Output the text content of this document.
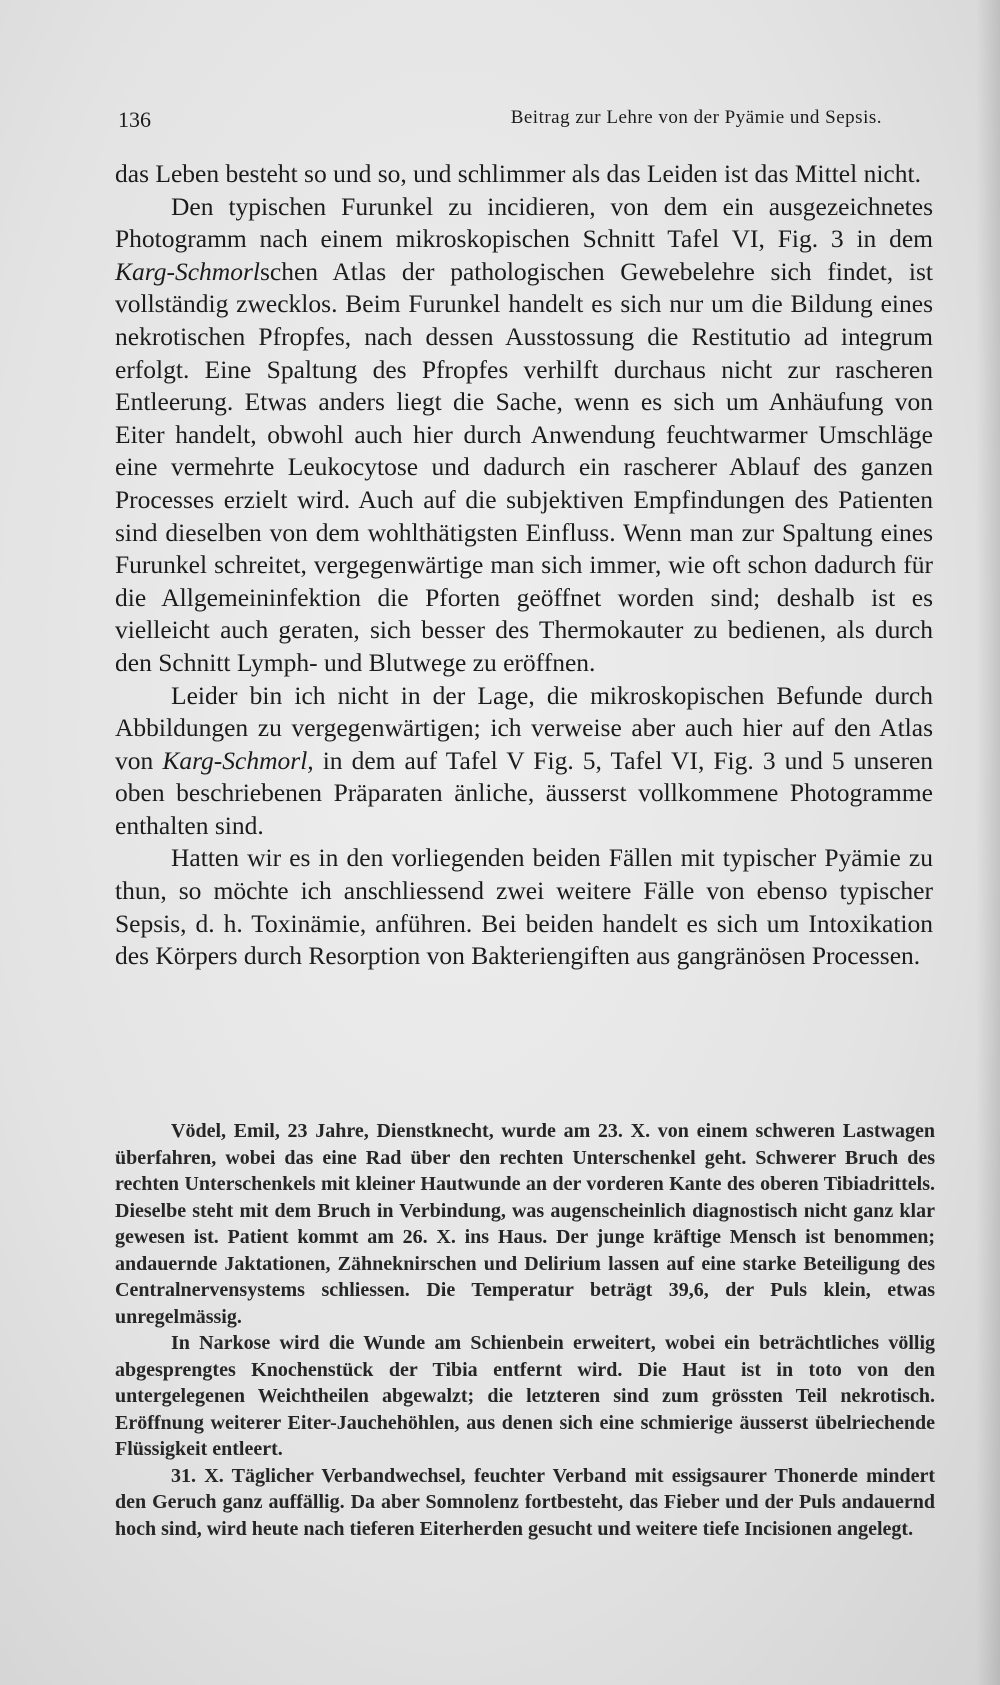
136	Beitrag zur Lehre von der Pyämie und Sepsis.

das Leben besteht so und so, und schlimmer als das Leiden ist das Mittel nicht.

Den typischen Furunkel zu incidieren, von dem ein ausgezeichnetes Photogramm nach einem mikroskopischen Schnitt Tafel VI, Fig. 3 in dem Karg-Schmorlschen Atlas der pathologischen Gewebelehre sich findet, ist vollständig zwecklos. Beim Furunkel handelt es sich nur um die Bildung eines nekrotischen Pfropfes, nach dessen Ausstossung die Restitutio ad integrum erfolgt. Eine Spaltung des Pfropfes verhilft durchaus nicht zur rascheren Entleerung. Etwas anders liegt die Sache, wenn es sich um Anhäufung von Eiter handelt, obwohl auch hier durch Anwendung feuchtwarmer Umschläge eine vermehrte Leukocytose und dadurch ein rascherer Ablauf des ganzen Processes erzielt wird. Auch auf die subjektiven Empfindungen des Patienten sind dieselben von dem wohlthätigsten Einfluss. Wenn man zur Spaltung eines Furunkel schreitet, vergegenwärtige man sich immer, wie oft schon dadurch für die Allgemeininfektion die Pforten geöffnet worden sind; deshalb ist es vielleicht auch geraten, sich besser des Thermokauter zu bedienen, als durch den Schnitt Lymph- und Blutwege zu eröffnen.

Leider bin ich nicht in der Lage, die mikroskopischen Befunde durch Abbildungen zu vergegenwärtigen; ich verweise aber auch hier auf den Atlas von Karg-Schmorl, in dem auf Tafel V Fig. 5, Tafel VI, Fig. 3 und 5 unseren oben beschriebenen Präparaten änliche, äusserst vollkommene Photogramme enthalten sind.

Hatten wir es in den vorliegenden beiden Fällen mit typischer Pyämie zu thun, so möchte ich anschliessend zwei weitere Fälle von ebenso typischer Sepsis, d. h. Toxinämie, anführen. Bei beiden handelt es sich um Intoxikation des Körpers durch Resorption von Bakteriengiften aus gangränösen Processen.

Vödel, Emil, 23 Jahre, Dienstknecht, wurde am 23. X. von einem schweren Lastwagen überfahren, wobei das eine Rad über den rechten Unterschenkel geht. Schwerer Bruch des rechten Unterschenkels mit kleiner Hautwunde an der vorderen Kante des oberen Tibiadrittels. Dieselbe steht mit dem Bruch in Verbindung, was augenscheinlich diagnostisch nicht ganz klar gewesen ist. Patient kommt am 26. X. ins Haus. Der junge kräftige Mensch ist benommen; andauernde Jaktationen, Zähneknirschen und Delirium lassen auf eine starke Beteiligung des Centralnervensystems schliessen. Die Temperatur beträgt 39,6, der Puls klein, etwas unregelmässig.

In Narkose wird die Wunde am Schienbein erweitert, wobei ein beträchtliches völlig abgesprengtes Knochenstück der Tibia entfernt wird. Die Haut ist in toto von den untergelegenen Weichtheilen abgewalzt; die letzteren sind zum grössten Teil nekrotisch. Eröffnung weiterer Eiter-Jauchehöhlen, aus denen sich eine schmierige äusserst übelriechende Flüssigkeit entleert.

31. X. Täglicher Verbandwechsel, feuchter Verband mit essigsaurer Thonerde mindert den Geruch ganz auffällig. Da aber Somnolenz fortbesteht, das Fieber und der Puls andauernd hoch sind, wird heute nach tieferen Eiterherden gesucht und weitere tiefe Incisionen angelegt.
